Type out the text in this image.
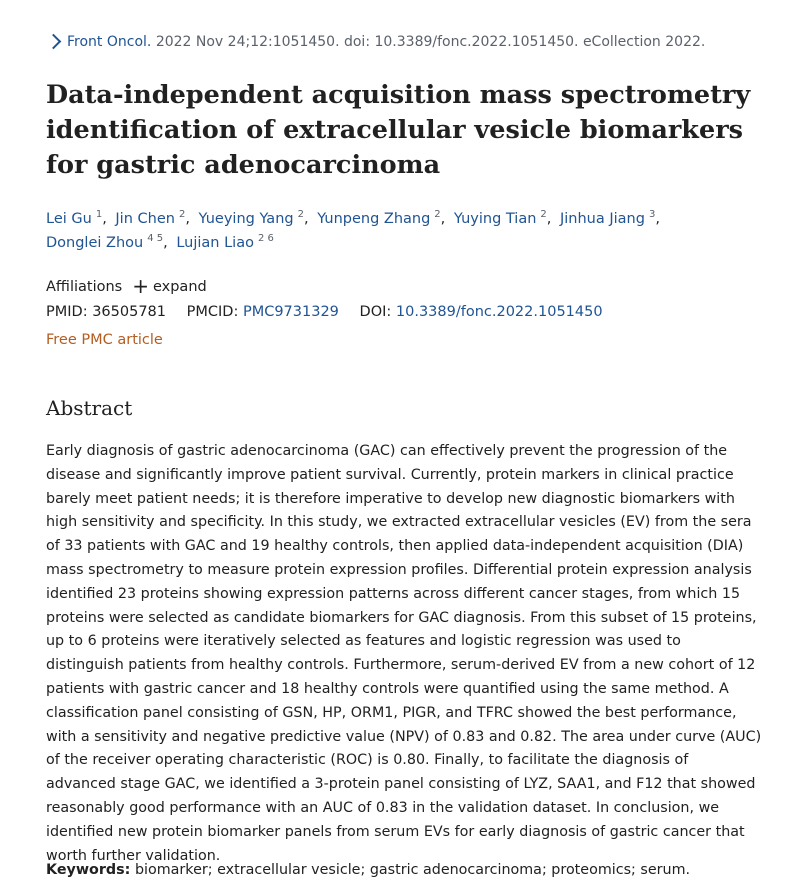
Front Oncol. 2022 Nov 24;12:1051450. doi: 10.3389/fonc.2022.1051450. eCollection 2022.
Data-independent acquisition mass spectrometry identification of extracellular vesicle biomarkers for gastric adenocarcinoma
Lei Gu $^1$, Jin Chen $^2$, Yueying Yang $^2$, Yunpeng Zhang $^2$, Yuying Tian $^2$, Jinhua Jiang $^3$,
Donglei Zhou $^{4 5}$, Lujian Liao $^{2 6}$
Affiliations + expand
PMID: 36505781 PMCID: PMC9731329 DOI: 10.3389/fonc.2022.1051450
Free PMC article
Abstract

Early diagnosis of gastric adenocarcinoma (GAC) can effectively prevent the progression of the disease and significantly improve patient survival. Currently, protein markers in clinical practice barely meet patient needs; it is therefore imperative to develop new diagnostic biomarkers with high sensitivity and specificity. In this study, we extracted extracellular vesicles (EV) from the sera of 33 patients with GAC and 19 healthy controls, then applied data-independent acquisition (DIA) mass spectrometry to measure protein expression profiles. Differential protein expression analysis identified 23 proteins showing expression patterns across different cancer stages, from which 15 proteins were selected as candidate biomarkers for GAC diagnosis. From this subset of 15 proteins, up to 6 proteins were iteratively selected as features and logistic regression was used to distinguish patients from healthy controls. Furthermore, serum-derived EV from a new cohort of 12 patients with gastric cancer and 18 healthy controls were quantified using the same method. A classification panel consisting of GSN, HP, ORM1, PIGR, and TFRC showed the best performance, with a sensitivity and negative predictive value (NPV) of 0.83 and 0.82. The area under curve (AUC) of the receiver operating characteristic (ROC) is 0.80. Finally, to facilitate the diagnosis of advanced stage GAC, we identified a 3-protein panel consisting of LYZ, SAA1, and F12 that showed reasonably good performance with an AUC of 0.83 in the validation dataset. In conclusion, we identified new protein biomarker panels from serum EVs for early diagnosis of gastric cancer that worth further validation.

Keywords: biomarker; extracellular vesicle; gastric adenocarcinoma; proteomics; serum.
